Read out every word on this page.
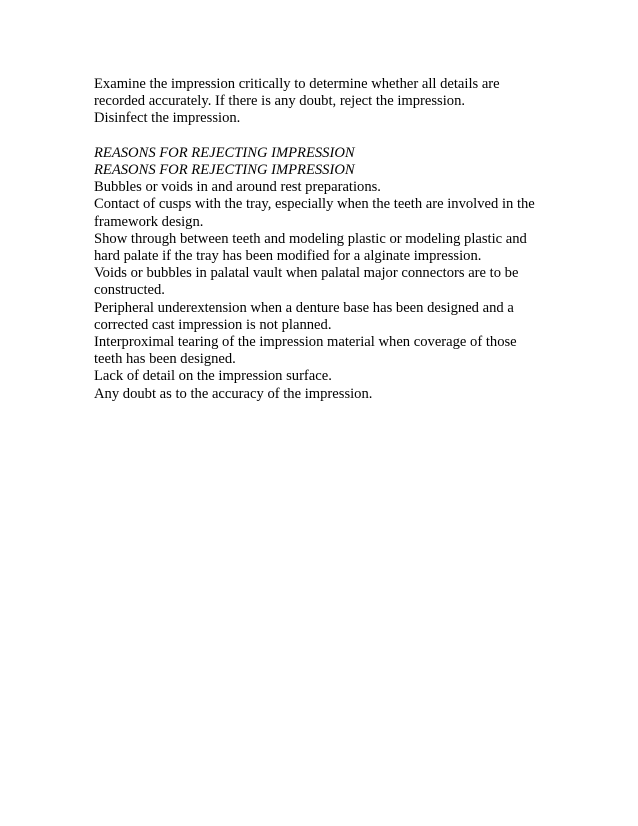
Examine the impression critically to determine whether all details are recorded accurately. If there is any doubt, reject the impression.

Disinfect the impression.

REASONS FOR REJECTING IMPRESSION

REASONS FOR REJECTING IMPRESSION

Bubbles or voids in and around rest preparations.

Contact of cusps with the tray, especially when the teeth are involved in the framework design.

Show through between teeth and modeling plastic or modeling plastic and hard palate if the tray has been modified for a alginate impression.

Voids or bubbles in palatal vault when palatal major connectors are to be constructed.

Peripheral underextension when a denture base has been designed and a corrected cast impression is not planned.

Interproximal tearing of the impression material when coverage of those teeth has been designed.

Lack of detail on the impression surface.

Any doubt as to the accuracy of the impression.
